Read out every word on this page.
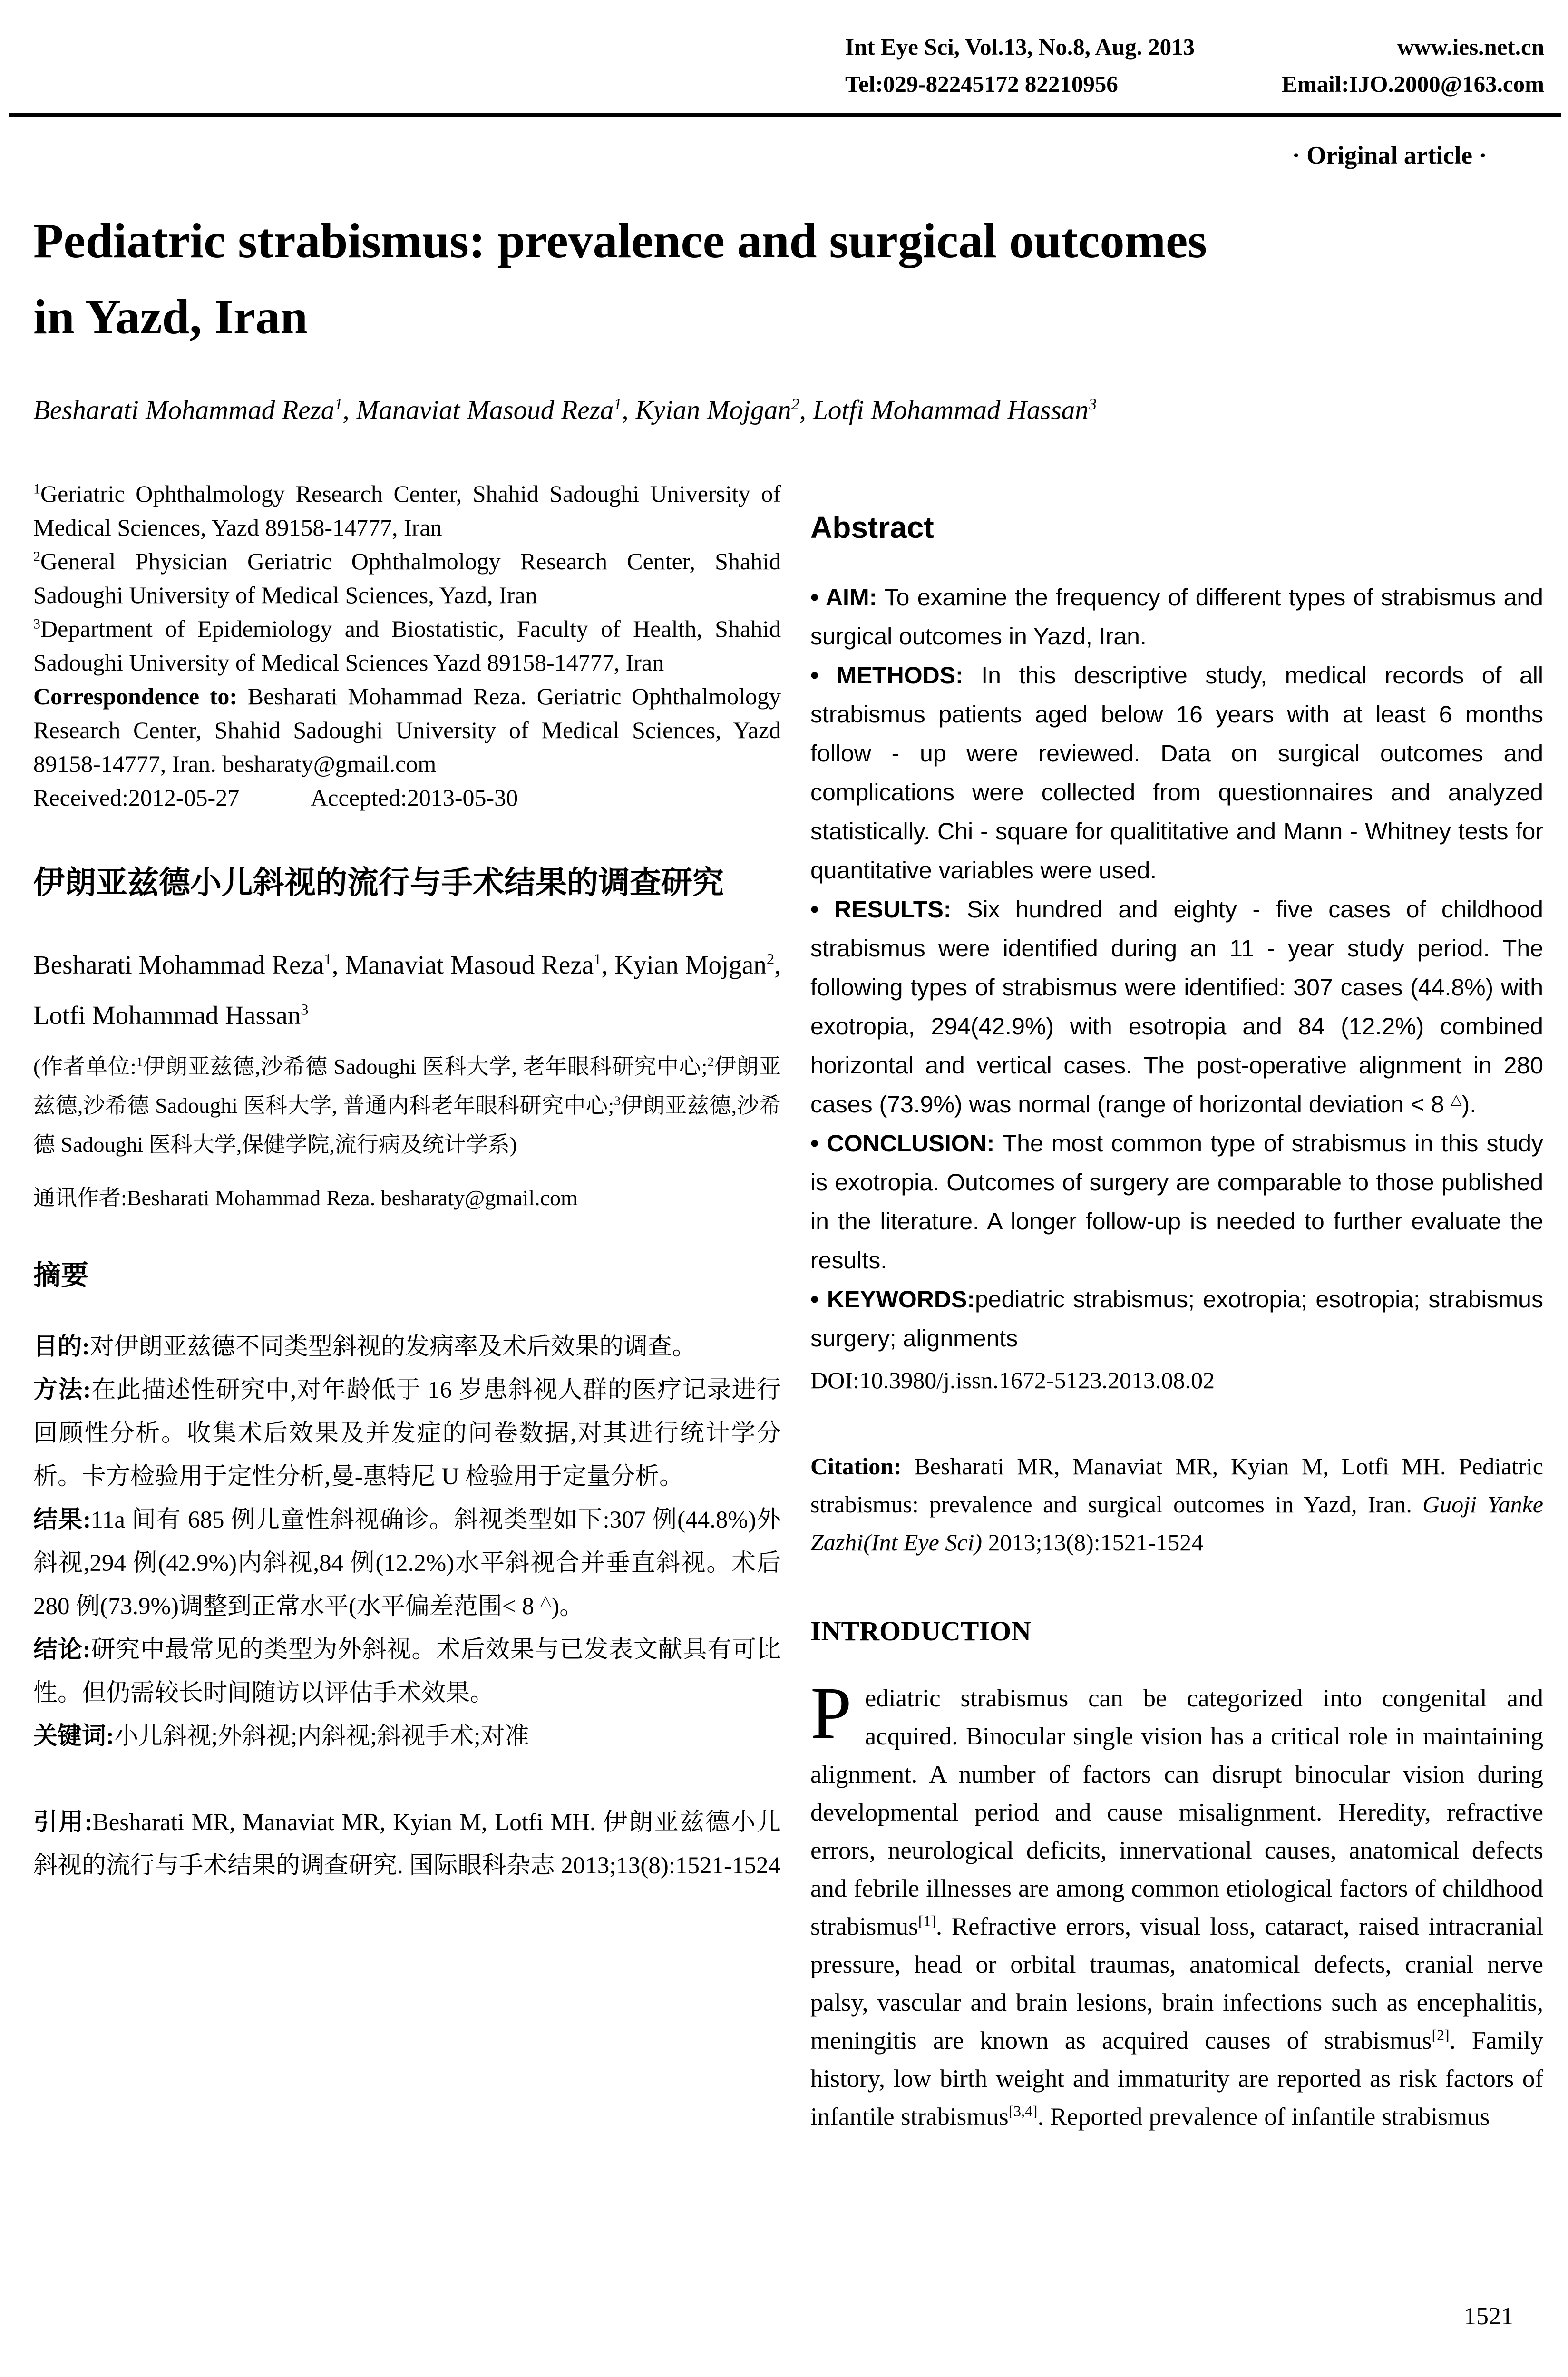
Int Eye Sci, Vol.13, No.8, Aug. 2013	www.ies.net.cn
Tel:029-82245172 82210956	Email:IJO.2000@163.com
· Original article ·
Pediatric strabismus: prevalence and surgical outcomes
in Yazd, Iran

Besharati Mohammad Reza$^1$, Manaviat Masoud Reza$^1$, Kyian Mojgan$^2$, Lotfi Mohammad Hassan$^3$

$^1$Geriatric Ophthalmology Research Center, Shahid Sadoughi University of Medical Sciences, Yazd 89158-14777, Iran

$^2$General Physician Geriatric Ophthalmology Research Center, Shahid Sadoughi University of Medical Sciences, Yazd, Iran

$^3$Department of Epidemiology and Biostatistic, Faculty of Health, Shahid Sadoughi University of Medical Sciences Yazd 89158-14777, Iran

Correspondence to: Besharati Mohammad Reza. Geriatric Ophthalmology Research Center, Shahid Sadoughi University of Medical Sciences, Yazd 89158-14777, Iran. besharaty@gmail.com

Received:2012-05-27	Accepted:2013-05-30
伊朗亚兹德小儿斜视的流行与手术结果的调查研究

Besharati Mohammad Reza$^1$, Manaviat Masoud Reza$^1$, Kyian Mojgan$^2$, Lotfi Mohammad Hassan$^3$

(作者单位:$^1$伊朗亚兹德,沙希德 Sadoughi 医科大学, 老年眼科研究中心;$^2$伊朗亚兹德,沙希德 Sadoughi 医科大学, 普通内科老年眼科研究中心;$^3$伊朗亚兹德,沙希德 Sadoughi 医科大学,保健学院,流行病及统计学系)

通讯作者:Besharati Mohammad Reza. besharaty@gmail.com

摘要

目的:对伊朗亚兹德不同类型斜视的发病率及术后效果的调查。

方法:在此描述性研究中,对年龄低于 16 岁患斜视人群的医疗记录进行回顾性分析。收集术后效果及并发症的问卷数据,对其进行统计学分析。卡方检验用于定性分析,曼-惠特尼 U 检验用于定量分析。

结果:11a 间有 685 例儿童性斜视确诊。斜视类型如下:307 例(44.8%)外斜视,294 例(42.9%)内斜视,84 例(12.2%)水平斜视合并垂直斜视。术后 280 例(73.9%)调整到正常水平(水平偏差范围< 8 △)。

结论:研究中最常见的类型为外斜视。术后效果与已发表文献具有可比性。但仍需较长时间随访以评估手术效果。

关键词:小儿斜视;外斜视;内斜视;斜视手术;对准

引用:Besharati MR, Manaviat MR, Kyian M, Lotfi MH. 伊朗亚兹德小儿斜视的流行与手术结果的调查研究. 国际眼科杂志 2013;13(8):1521-1524

Abstract

• AIM: To examine the frequency of different types of strabismus and surgical outcomes in Yazd, Iran.

• METHODS: In this descriptive study, medical records of all strabismus patients aged below 16 years with at least 6 months follow - up were reviewed. Data on surgical outcomes and complications were collected from questionnaires and analyzed statistically. Chi - square for qualititative and Mann - Whitney tests for quantitative variables were used.

• RESULTS: Six hundred and eighty - five cases of childhood strabismus were identified during an 11 - year study period. The following types of strabismus were identified: 307 cases (44.8%) with exotropia, 294(42.9%) with esotropia and 84 (12.2%) combined horizontal and vertical cases. The post-operative alignment in 280 cases (73.9%) was normal (range of horizontal deviation < 8 △).

• CONCLUSION: The most common type of strabismus in this study is exotropia. Outcomes of surgery are comparable to those published in the literature. A longer follow-up is needed to further evaluate the results.

• KEYWORDS:pediatric strabismus; exotropia; esotropia; strabismus surgery; alignments

DOI:10.3980/j.issn.1672-5123.2013.08.02

Citation: Besharati MR, Manaviat MR, Kyian M, Lotfi MH. Pediatric strabismus: prevalence and surgical outcomes in Yazd, Iran. Guoji Yanke Zazhi(Int Eye Sci) 2013;13(8):1521-1524

INTRODUCTION

Pediatric strabismus can be categorized into congenital and acquired. Binocular single vision has a critical role in maintaining alignment. A number of factors can disrupt binocular vision during developmental period and cause misalignment. Heredity, refractive errors, neurological deficits, innervational causes, anatomical defects and febrile illnesses are among common etiological factors of childhood strabismus[1]. Refractive errors, visual loss, cataract, raised intracranial pressure, head or orbital traumas, anatomical defects, cranial nerve palsy, vascular and brain lesions, brain infections such as encephalitis, meningitis are known as acquired causes of strabismus[2]. Family history, low birth weight and immaturity are reported as risk factors of infantile strabismus[3,4]. Reported prevalence of infantile strabismus

1521
